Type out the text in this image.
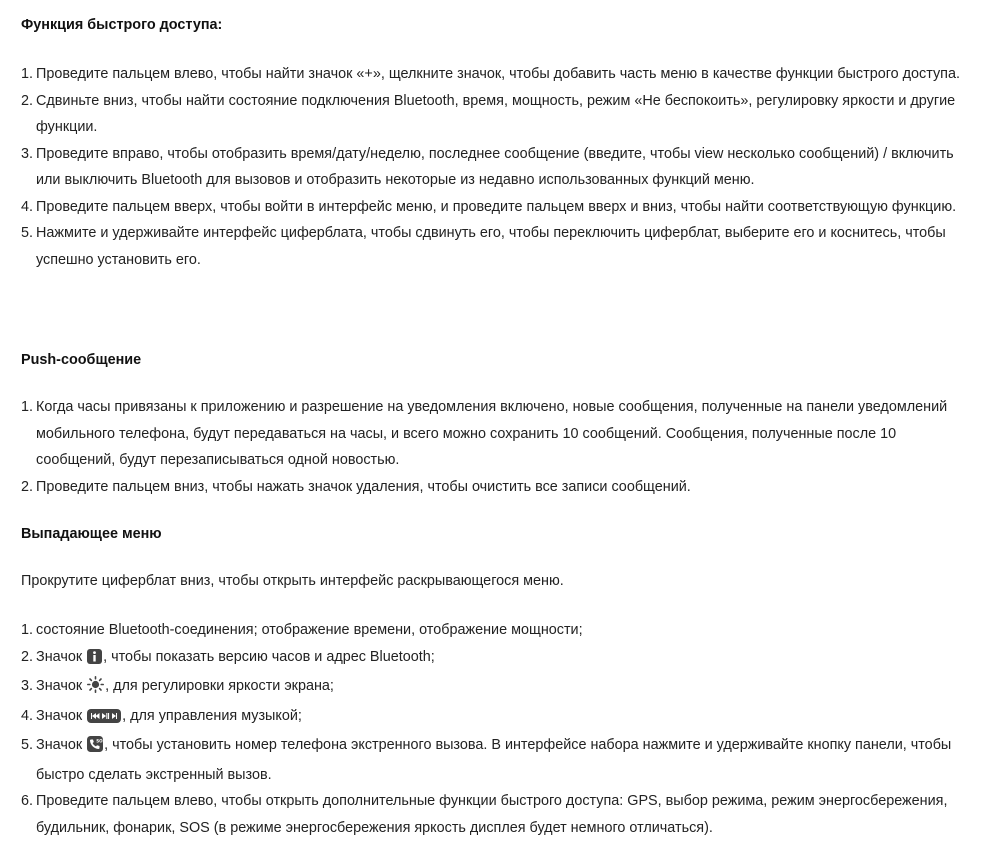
Функция быстрого доступа:
1. Проведите пальцем влево, чтобы найти значок «+», щелкните значок, чтобы добавить часть меню в качестве функции быстрого доступа.
2. Сдвиньте вниз, чтобы найти состояние подключения Bluetooth, время, мощность, режим «Не беспокоить», регулировку яркости и другие функции.
3. Проведите вправо, чтобы отобразить время/дату/неделю, последнее сообщение (введите, чтобы view несколько сообщений) / включить или выключить Bluetooth для вызовов и отобразить некоторые из недавно использованных функций меню.
4. Проведите пальцем вверх, чтобы войти в интерфейс меню, и проведите пальцем вверх и вниз, чтобы найти соответствующую функцию.
5. Нажмите и удерживайте интерфейс циферблата, чтобы сдвинуть его, чтобы переключить циферблат, выберите его и коснитесь, чтобы успешно установить его.
Push-сообщение
1. Когда часы привязаны к приложению и разрешение на уведомления включено, новые сообщения, полученные на панели уведомлений мобильного телефона, будут передаваться на часы, и всего можно сохранить 10 сообщений. Сообщения, полученные после 10 сообщений, будут перезаписываться одной новостью.
2. Проведите пальцем вниз, чтобы нажать значок удаления, чтобы очистить все записи сообщений.
Выпадающее меню
Прокрутите циферблат вниз, чтобы открыть интерфейс раскрывающегося меню.
1. состояние Bluetooth-соединения; отображение времени, отображение мощности;
2. Значок , чтобы показать версию часов и адрес Bluetooth;
3. Значок , для регулировки яркости экрана;
4. Значок	, для управления музыкой;
5. Значок	SOS
, чтобы установить номер телефона экстренного вызова. В интерфейсе набора нажмите и удерживайте кнопку панели, чтобы быстро сделать экстренный вызов.
6. Проведите пальцем влево, чтобы открыть дополнительные функции быстрого доступа: GPS, выбор режима, режим энергосбережения, будильник, фонарик, SOS (в режиме энергосбережения яркость дисплея будет немного отличаться).
